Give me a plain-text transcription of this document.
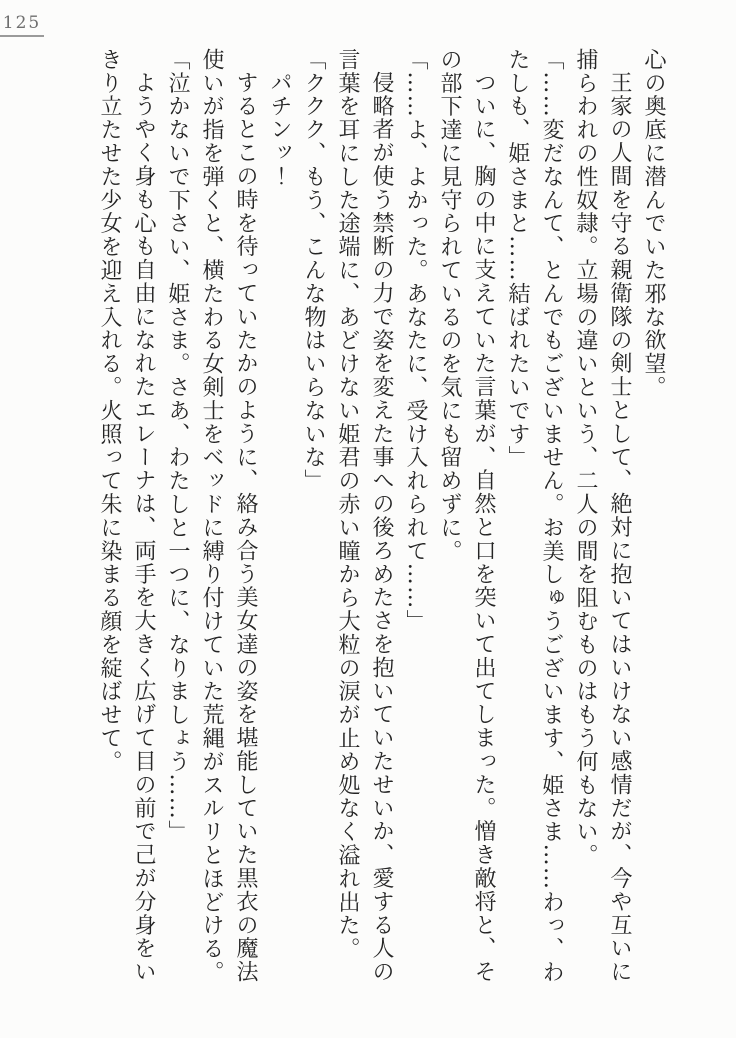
125

心の奥底に潜んでいた邪な欲望。

王家の人間を守る親衛隊の剣士として、絶対に抱いてはいけない感情だが、今や互いに捕らわれの性奴隷。立場の違いという、二人の間を阻むものはもう何もない。

「……変だなんて、とんでもございません。お美しゅうございます、姫さま……わっ、わたしも、姫さまと……結ばれたいです」

ついに、胸の中に支えていた言葉が、自然と口を突いて出てしまった。憎き敵将と、その部下達に見守られているのを気にも留めずに。

「……よ、よかった。あなたに、受け入れられて……」

侵略者が使う禁断の力で姿を変えた事への後ろめたさを抱いていたせいか、愛する人の言葉を耳にした途端に、あどけない姫君の赤い瞳から大粒の涙が止め処なく溢れ出た。

「ククク、もう、こんな物はいらないな」

パチンッ！

するとこの時を待っていたかのように、絡み合う美女達の姿を堪能していた黒衣の魔法使いが指を弾くと、横たわる女剣士をベッドに縛り付けていた荒縄がスルリとほどける。

「泣かないで下さい、姫さま。さあ、わたしと一つに、なりましょう……」

ようやく身も心も自由になれたエレーナは、両手を大きく広げて目の前で己が分身をいきり立たせた少女を迎え入れる。火照って朱に染まる顔を綻ばせて。
